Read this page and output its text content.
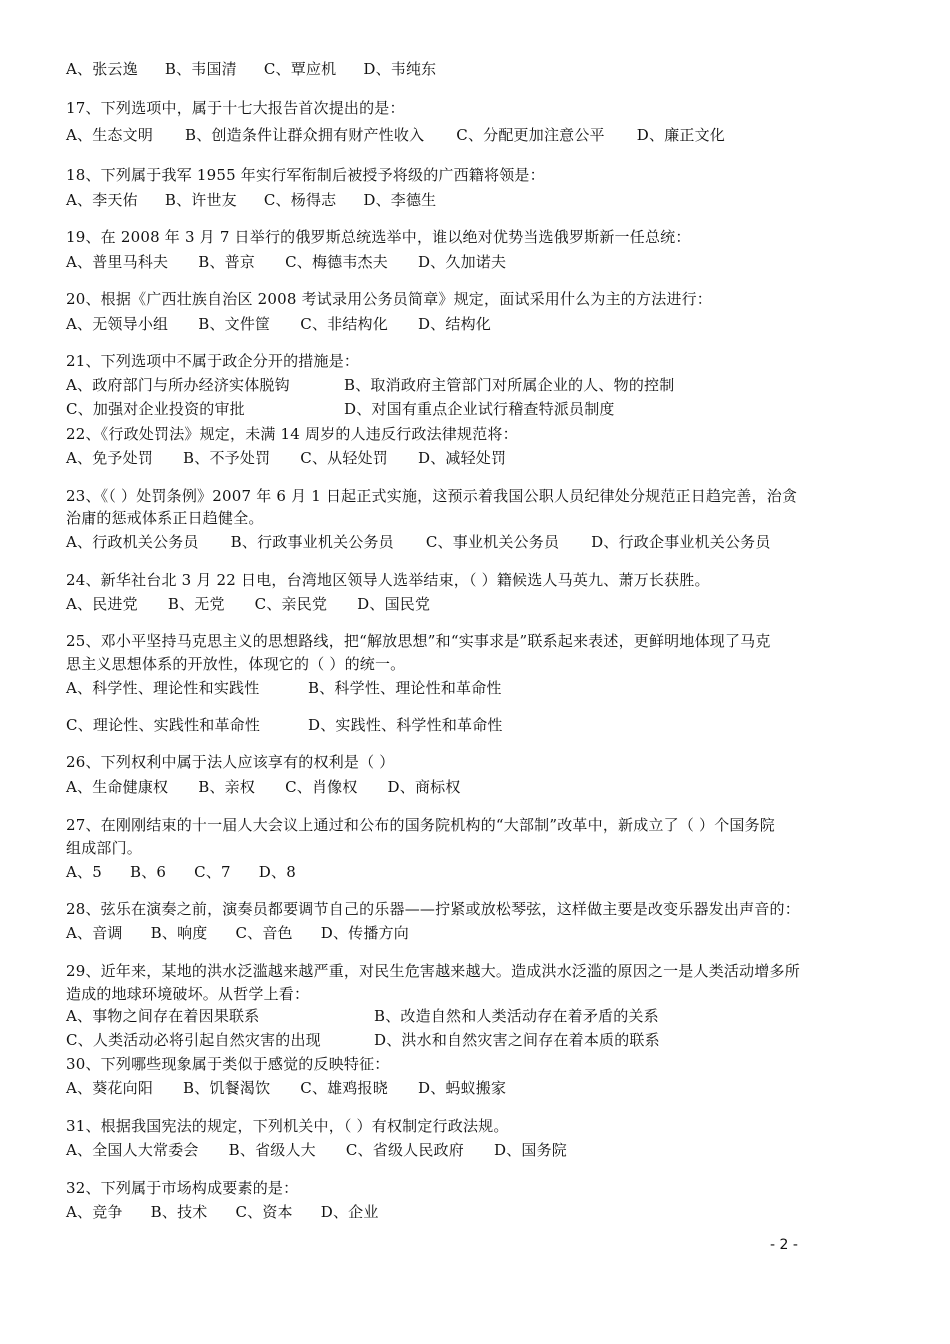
A、张云逸 B、韦国清 C、覃应机 D、韦纯东
17、下列选项中，属于十七大报告首次提出的是：
A、生态文明 B、创造条件让群众拥有财产性收入 C、分配更加注意公平 D、廉正文化
18、下列属于我军 1955 年实行军衔制后被授予将级的广西籍将领是：
A、李天佑 B、许世友 C、杨得志 D、李德生
19、在 2008 年 3 月 7 日举行的俄罗斯总统选举中，谁以绝对优势当选俄罗斯新一任总统：
A、普里马科夫 B、普京 C、梅德韦杰夫 D、久加诺夫
20、根据《广西壮族自治区 2008 考试录用公务员简章》规定，面试采用什么为主的方法进行：
A、无领导小组 B、文件筐 C、非结构化 D、结构化
21、下列选项中不属于政企分开的措施是：
A、政府部门与所办经济实体脱钩	B、取消政府主管部门对所属企业的人、物的控制
C、加强对企业投资的审批	D、对国有重点企业试行稽查特派员制度
22、《行政处罚法》规定，未满 14 周岁的人违反行政法律规范将：
A、免予处罚 B、不予处罚 C、从轻处罚 D、减轻处罚
23、《（ ）处罚条例》2007 年 6 月 1 日起正式实施，这预示着我国公职人员纪律处分规范正日趋完善，治贪
治庸的惩戒体系正日趋健全。
A、行政机关公务员 B、行政事业机关公务员 C、事业机关公务员 D、行政企事业机关公务员
24、新华社台北 3 月 22 日电，台湾地区领导人选举结束，（ ）籍候选人马英九、萧万长获胜。
A、民进党 B、无党 C、亲民党 D、国民党
25、邓小平坚持马克思主义的思想路线，把“解放思想”和“实事求是”联系起来表述，更鲜明地体现了马克
思主义思想体系的开放性，体现它的（ ）的统一。
A、科学性、理论性和实践性	B、科学性、理论性和革命性
C、理论性、实践性和革命性	D、实践性、科学性和革命性
26、下列权利中属于法人应该享有的权利是（ ）
A、生命健康权 B、亲权 C、肖像权 D、商标权
27、在刚刚结束的十一届人大会议上通过和公布的国务院机构的“大部制”改革中，新成立了（ ）个国务院
组成部门。
A、5 B、6 C、7 D、8
28、弦乐在演奏之前，演奏员都要调节自己的乐器——拧紧或放松琴弦，这样做主要是改变乐器发出声音的：
A、音调 B、响度 C、音色 D、传播方向
29、近年来，某地的洪水泛滥越来越严重，对民生危害越来越大。造成洪水泛滥的原因之一是人类活动增多所
造成的地球环境破坏。从哲学上看：
A、事物之间存在着因果联系	B、改造自然和人类活动存在着矛盾的关系
C、人类活动必将引起自然灾害的出现	D、洪水和自然灾害之间存在着本质的联系
30、下列哪些现象属于类似于感觉的反映特征：
A、葵花向阳 B、饥餐渴饮 C、雄鸡报晓 D、蚂蚁搬家
31、根据我国宪法的规定，下列机关中，（ ）有权制定行政法规。
A、全国人大常委会 B、省级人大 C、省级人民政府 D、国务院
32、下列属于市场构成要素的是：
A、竞争 B、技术 C、资本 D、企业
- 2 -
